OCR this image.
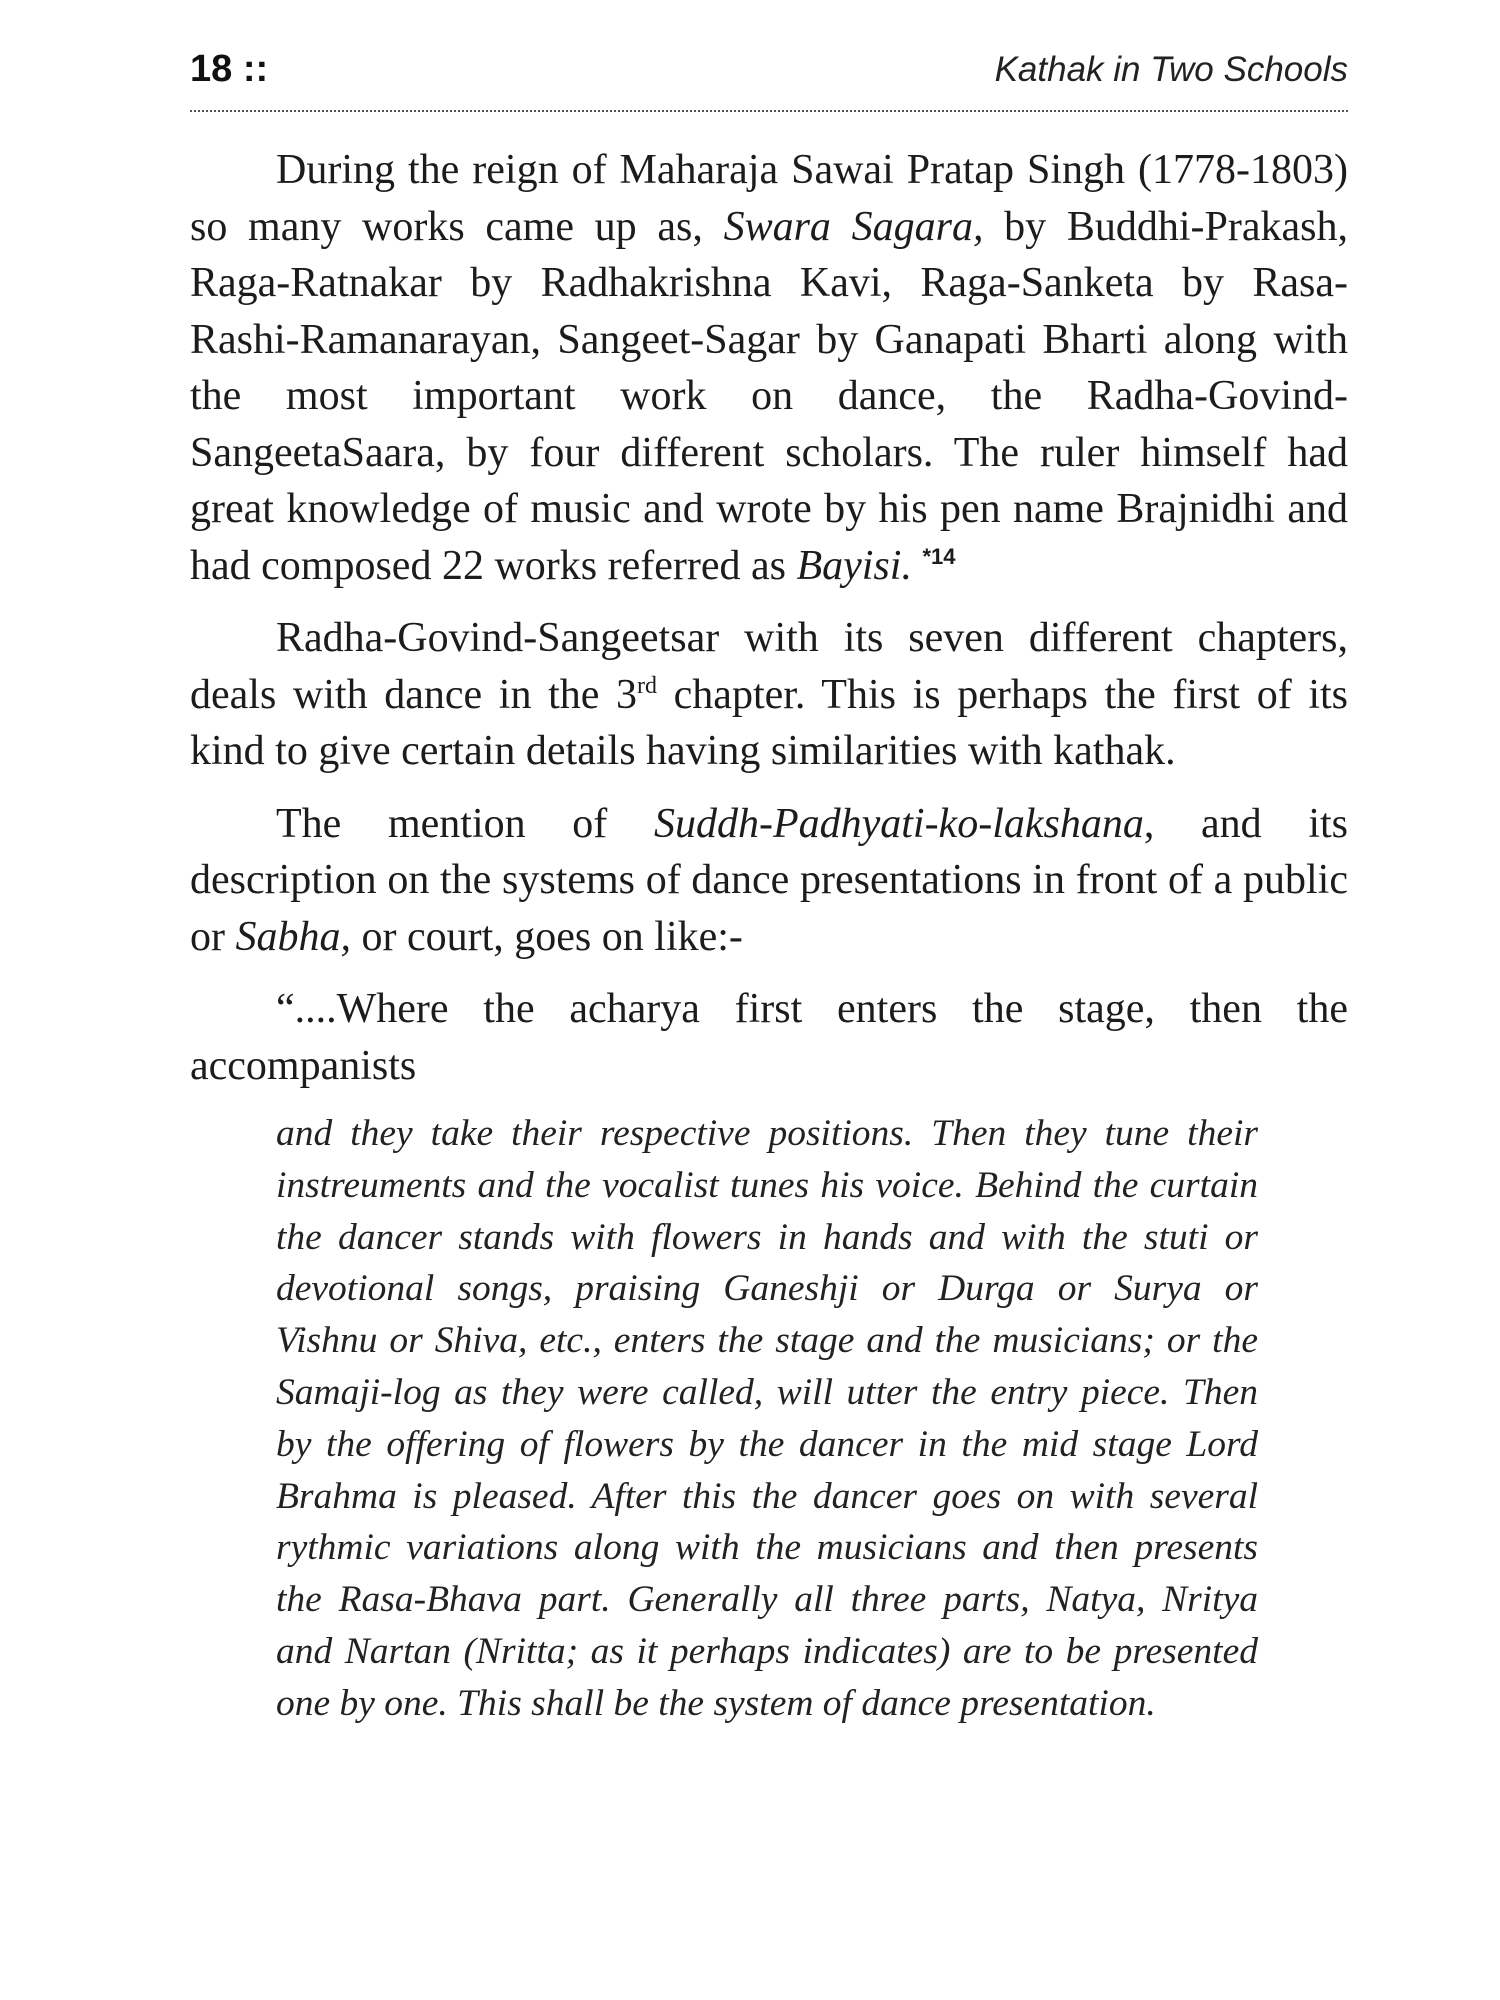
18 ::	Kathak in Two Schools

During the reign of Maharaja Sawai Pratap Singh (1778-1803) so many works came up as, Swara Sagara, by Buddhi-Prakash, Raga-Ratnakar by Radhakrishna Kavi, Raga-Sanketa by Rasa-Rashi-Ramanarayan, Sangeet-Sagar by Ganapati Bharti along with the most important work on dance, the Radha-Govind-SangeetaSaara, by four different scholars. The ruler himself had great knowledge of music and wrote by his pen name Brajnidhi and had composed 22 works referred as Bayisi. $^{*14}$

Radha-Govind-Sangeetsar with its seven different chapters, deals with dance in the 3rd chapter. This is perhaps the first of its kind to give certain details having similarities with kathak.

The mention of Suddh-Padhyati-ko-lakshana, and its description on the systems of dance presentations in front of a public or Sabha, or court, goes on like:-

“....Where the acharya first enters the stage, then the accompanists

and they take their respective positions. Then they tune their instreuments and the vocalist tunes his voice. Behind the curtain the dancer stands with flowers in hands and with the stuti or devotional songs, praising Ganeshji or Durga or Surya or Vishnu or Shiva, etc., enters the stage and the musicians; or the Samaji-log as they were called, will utter the entry piece. Then by the offering of flowers by the dancer in the mid stage Lord Brahma is pleased. After this the dancer goes on with several rythmic variations along with the musicians and then presents the Rasa-Bhava part. Generally all three parts, Natya, Nritya and Nartan (Nritta; as it perhaps indicates) are to be presented one by one. This shall be the system of dance presentation.
